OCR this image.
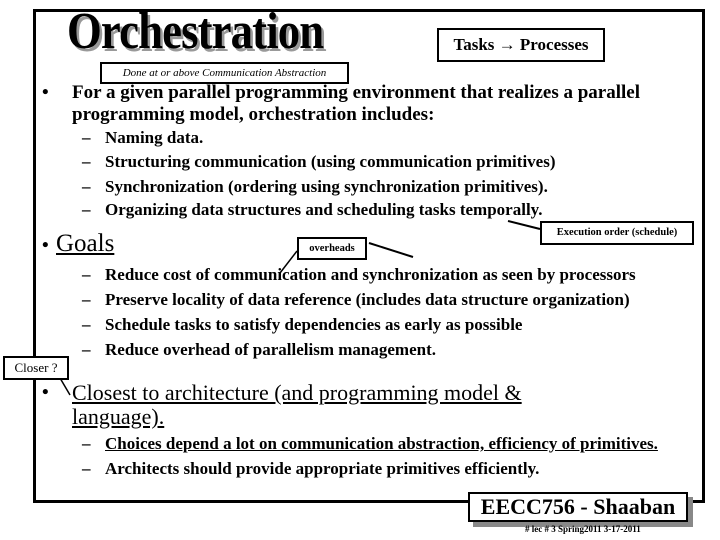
Orchestration	Tasks → Processes
Done at or above Communication Abstraction
• For a given parallel programming environment that realizes a parallel
programming model, orchestration includes:
– Naming data.
– Structuring communication (using communication primitives)
– Synchronization (ordering using synchronization primitives).
– Organizing data structures and scheduling tasks temporally.
Execution order (schedule)
• Goals	overheads
– Reduce cost of communication and synchronization as seen by processors
– Preserve locality of data reference (includes data structure organization)
– Schedule tasks to satisfy dependencies as early as possible
– Reduce overhead of parallelism management.
Closer ?
• Closest to architecture (and programming model &
language).
– Choices depend a lot on communication abstraction, efficiency of primitives.
– Architects should provide appropriate primitives efficiently.
EECC756 - Shaaban
# lec # 3 Spring2011 3-17-2011
